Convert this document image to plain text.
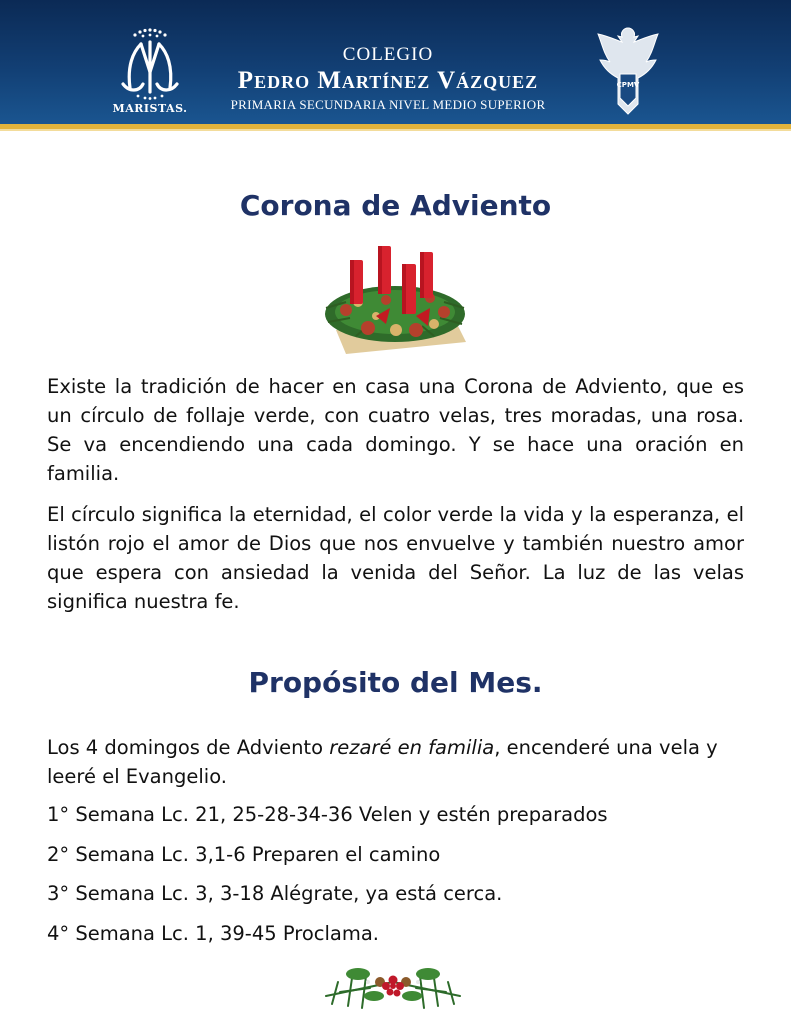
MARISTAS.
COLEGIO
Pedro Martínez Vázquez
PRIMARIA SECUNDARIA NIVEL MEDIO SUPERIOR
CPMV
Corona de Adviento

Existe la tradición de hacer en casa una Corona de Adviento, que es un círculo de follaje verde, con cuatro velas, tres moradas, una rosa. Se va encendiendo una cada domingo. Y se hace una oración en familia.

El círculo significa la eternidad, el color verde la vida y la esperanza, el listón rojo el amor de Dios que nos envuelve y también nuestro amor que espera con ansiedad la venida del Señor. La luz de las velas significa nuestra fe.

Propósito del Mes.

Los 4 domingos de Adviento rezaré en familia, encenderé una vela y leeré el Evangelio.

1° Semana Lc. 21, 25-28-34-36 Velen y estén preparados

2° Semana Lc. 3,1-6 Preparen el camino

3° Semana Lc. 3, 3-18 Alégrate, ya está cerca.

4° Semana Lc. 1, 39-45 Proclama.
